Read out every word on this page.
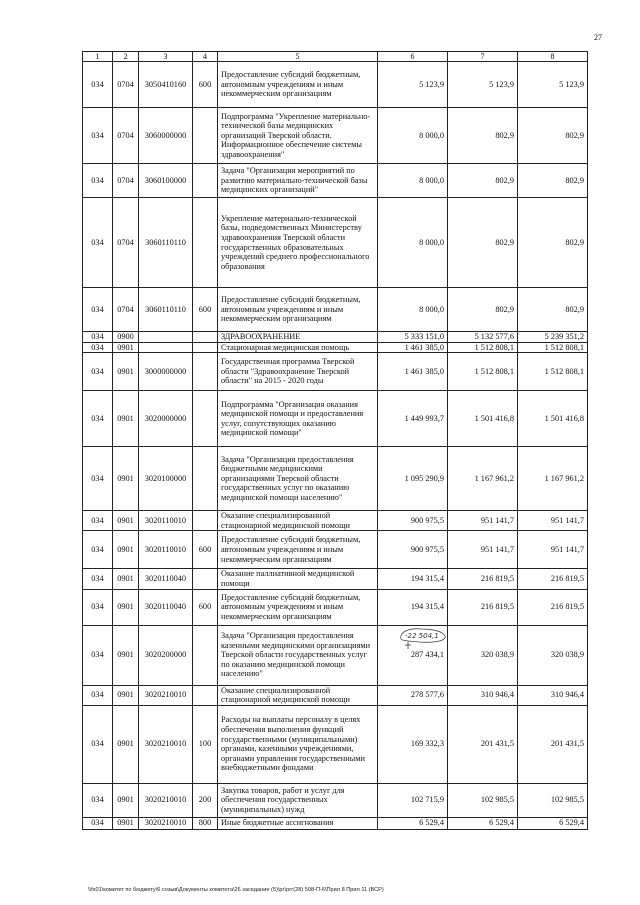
27
1	2	3	4	5	6	7	8
034	0704	3050410160	600	Предоставление субсидий бюджетным, автономным учреждениям и иным некоммерческим организациям	5 123,9	5 123,9	5 123,9
034	0704	3060000000		Подпрограмма "Укрепление материально-технической базы медицинских организаций Тверской области. Информационное обеспечение системы здравоохранения"	8 000,0	802,9	802,9
034	0704	3060100000		Задача "Организация мероприятий по развитию материально-технической базы медицинских организаций"	8 000,0	802,9	802,9
034	0704	3060110110		Укрепление материально-технической базы, подведомственных Министерству здравоохранения Тверской области государственных образовательных учреждений среднего профессионального образования	8 000,0	802,9	802,9
034	0704	3060110110	600	Предоставление субсидий бюджетным, автономным учреждениям и иным некоммерческим организациям	8 000,0	802,9	802,9
034	0900			ЗДРАВООХРАНЕНИЕ	5 333 151,0	5 132 577,6	5 239 351,2
034	0901			Стационарная медицинская помощь	1 461 385,0	1 512 808,1	1 512 808,1
034	0901	3000000000		Государственная программа Тверской области "Здравоохранение Тверской области" на 2015 - 2020 годы	1 461 385,0	1 512 808,1	1 512 808,1
034	0901	3020000000		Подпрограмма "Организация оказания медицинской помощи и предоставления услуг, сопутствующих оказанию медицинской помощи"	1 449 993,7	1 501 416,8	1 501 416,8
034	0901	3020100000		Задача "Организация предоставления бюджетными медицинскими организациями Тверской области государственных услуг по оказанию медицинской помощи населению"	1 095 290,9	1 167 961,2	1 167 961,2
034	0901	3020110010		Оказание специализированной стационарной медицинской помощи	900 975,5	951 141,7	951 141,7
034	0901	3020110010	600	Предоставление субсидий бюджетным, автономным учреждениям и иным некоммерческим организациям	900 975,5	951 141,7	951 141,7
034	0901	3020110040		Оказание паллиативной медицинской помощи	194 315,4	216 819,5	216 819,5
034	0901	3020110040	600	Предоставление субсидий бюджетным, автономным учреждениям и иным некоммерческим организациям	194 315,4	216 819,5	216 819,5
034	0901	3020200000		Задача "Организация предоставления казенными медицинскими организациями Тверской области государственных услуг по оказанию медицинской помощи населению"	287 434,1	320 038,9	320 038,9
034	0901	3020210010		Оказание специализированной стационарной медицинской помощи	278 577,6	310 946,4	310 946,4
034	0901	3020210010	100	Расходы на выплаты персоналу в целях обеспечения выполнения функций государственными (муниципальными) органами, казенными учреждениями, органами управления государственными внебюджетными фондами	169 332,3	201 431,5	201 431,5
034	0901	3020210010	200	Закупка товаров, работ и услуг для обеспечения государственных (муниципальных) нужд	102 715,9	102 985,5	102 985,5
034	0901	3020210010	800	Иные бюджетные ассигнования	6 529,4	6 529,4	6 529,4
-22 504,1
\\fs01\комитет по бюджету\6 созыв\Документы комитета\26 заседание (5)\рг\ргг(28) 508-П-6\Прил 8 Прил 11 (ВСР)
